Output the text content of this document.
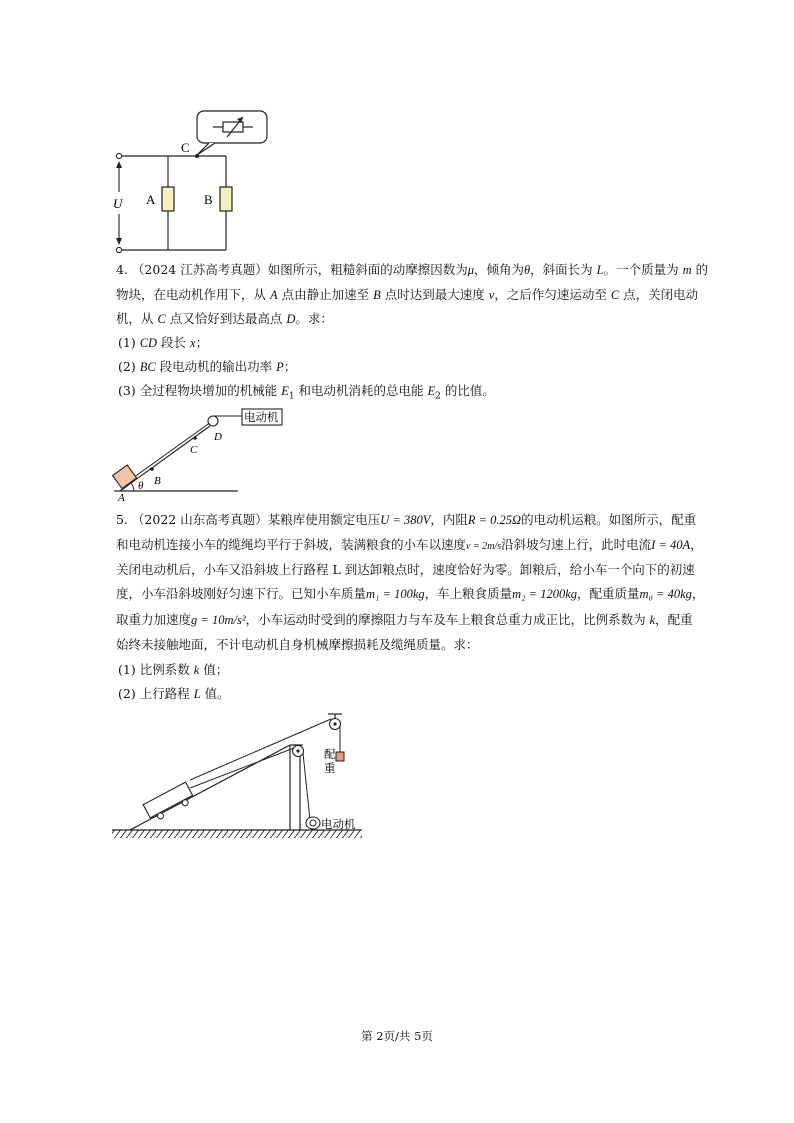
C
A	B
U
4. （2024 江苏高考真题）如图所示，粗糙斜面的动摩擦因数为μ，倾角为θ，斜面长为 L。一个质量为 m 的
物块，在电动机作用下，从 A 点由静止加速至 B 点时达到最大速度 v，之后作匀速运动至 C 点，关闭电动
机，从 C 点又恰好到达最高点 D。求：
(1) CD 段长 x；
(2) BC 段电动机的输出功率 P；
(3) 全过程物块增加的机械能 $E_1$ 和电动机消耗的总电能 $E_2$ 的比值。
电动机
A
θ B
C
D
5. （2022 山东高考真题）某粮库使用额定电压U = 380V，内阻R = 0.25Ω的电动机运粮。如图所示，配重
和电动机连接小车的缆绳均平行于斜坡，装满粮食的小车以速度v = 2m/s沿斜坡匀速上行，此时电流I = 40A，
关闭电动机后，小车又沿斜坡上行路程 L 到达卸粮点时，速度恰好为零。卸粮后，给小车一个向下的初速
度，小车沿斜坡刚好匀速下行。已知小车质量m₁ = 100kg，车上粮食质量m₂ = 1200kg，配重质量m₀ = 40kg，
取重力加速度g = 10m/s²，小车运动时受到的摩擦阻力与车及车上粮食总重力成正比，比例系数为 k，配重
始终未接触地面，不计电动机自身机械摩擦损耗及缆绳质量。求：
(1) 比例系数 k 值；
(2) 上行路程 L 值。
配
重
电动机
第 2页/共 5页
